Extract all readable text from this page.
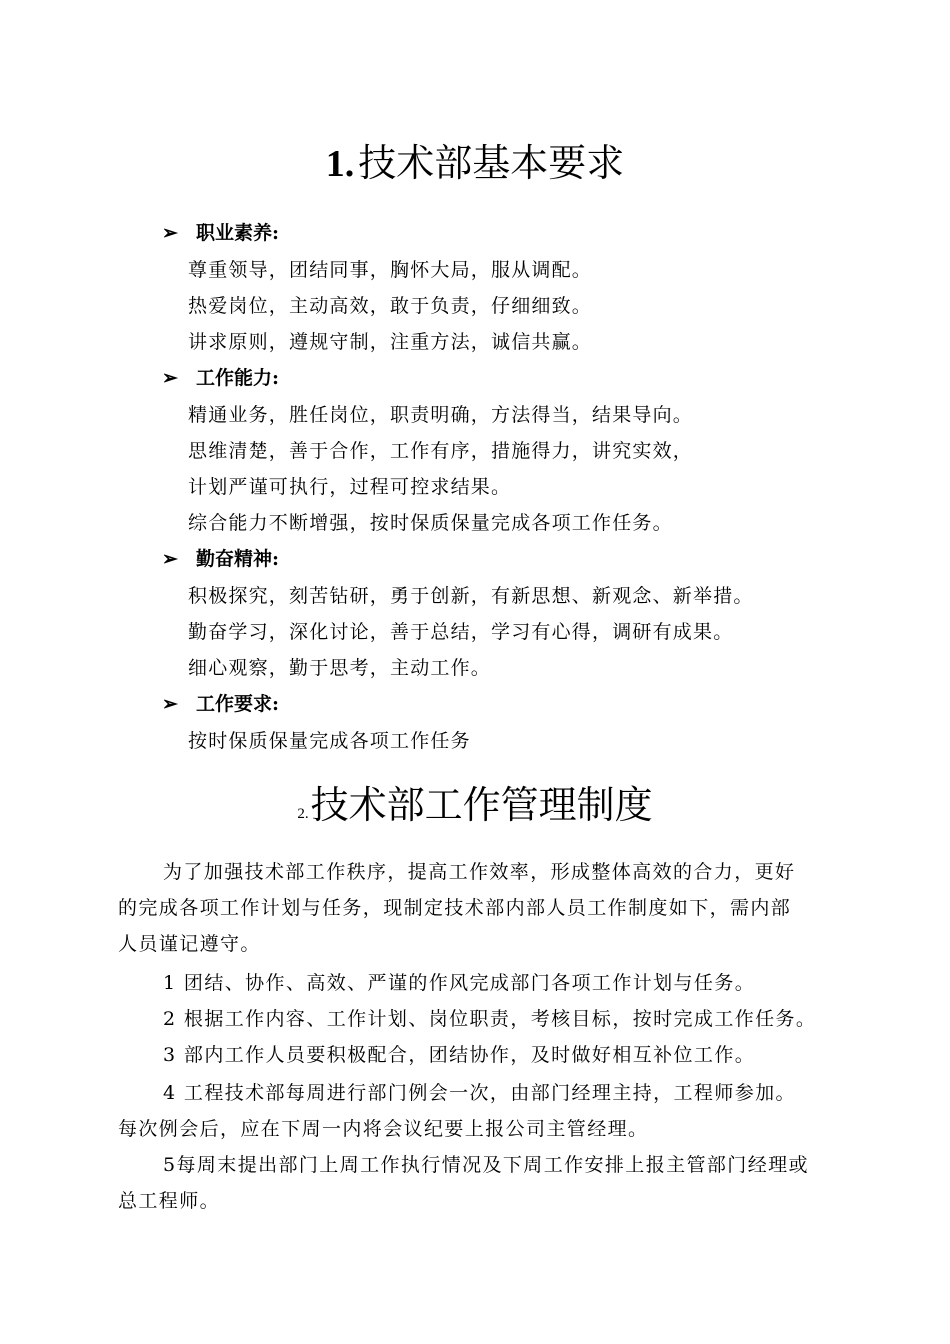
1. 技术部基本要求
➢ 职业素养:
尊重领导，团结同事，胸怀大局，服从调配。
热爱岗位，主动高效，敢于负责，仔细细致。
讲求原则，遵规守制，注重方法，诚信共赢。
➢ 工作能力:
精通业务，胜任岗位，职责明确，方法得当，结果导向。
思维清楚，善于合作，工作有序，措施得力，讲究实效，
计划严谨可执行，过程可控求结果。
综合能力不断增强，按时保质保量完成各项工作任务。
➢ 勤奋精神:
积极探究，刻苦钻研，勇于创新，有新思想、新观念、新举措。
勤奋学习，深化讨论，善于总结，学习有心得，调研有成果。
细心观察，勤于思考，主动工作。
➢ 工作要求:
按时保质保量完成各项工作任务
2.技术部工作管理制度
为了加强技术部工作秩序，提高工作效率，形成整体高效的合力，更好
的完成各项工作计划与任务，现制定技术部内部人员工作制度如下，需内部
人员谨记遵守。
1 团结、协作、高效、严谨的作风完成部门各项工作计划与任务。
2 根据工作内容、工作计划、岗位职责，考核目标，按时完成工作任务。
3 部内工作人员要积极配合，团结协作，及时做好相互补位工作。
4 工程技术部每周进行部门例会一次，由部门经理主持，工程师参加。
每次例会后，应在下周一内将会议纪要上报公司主管经理。
5每周末提出部门上周工作执行情况及下周工作安排上报主管部门经理或
总工程师。
